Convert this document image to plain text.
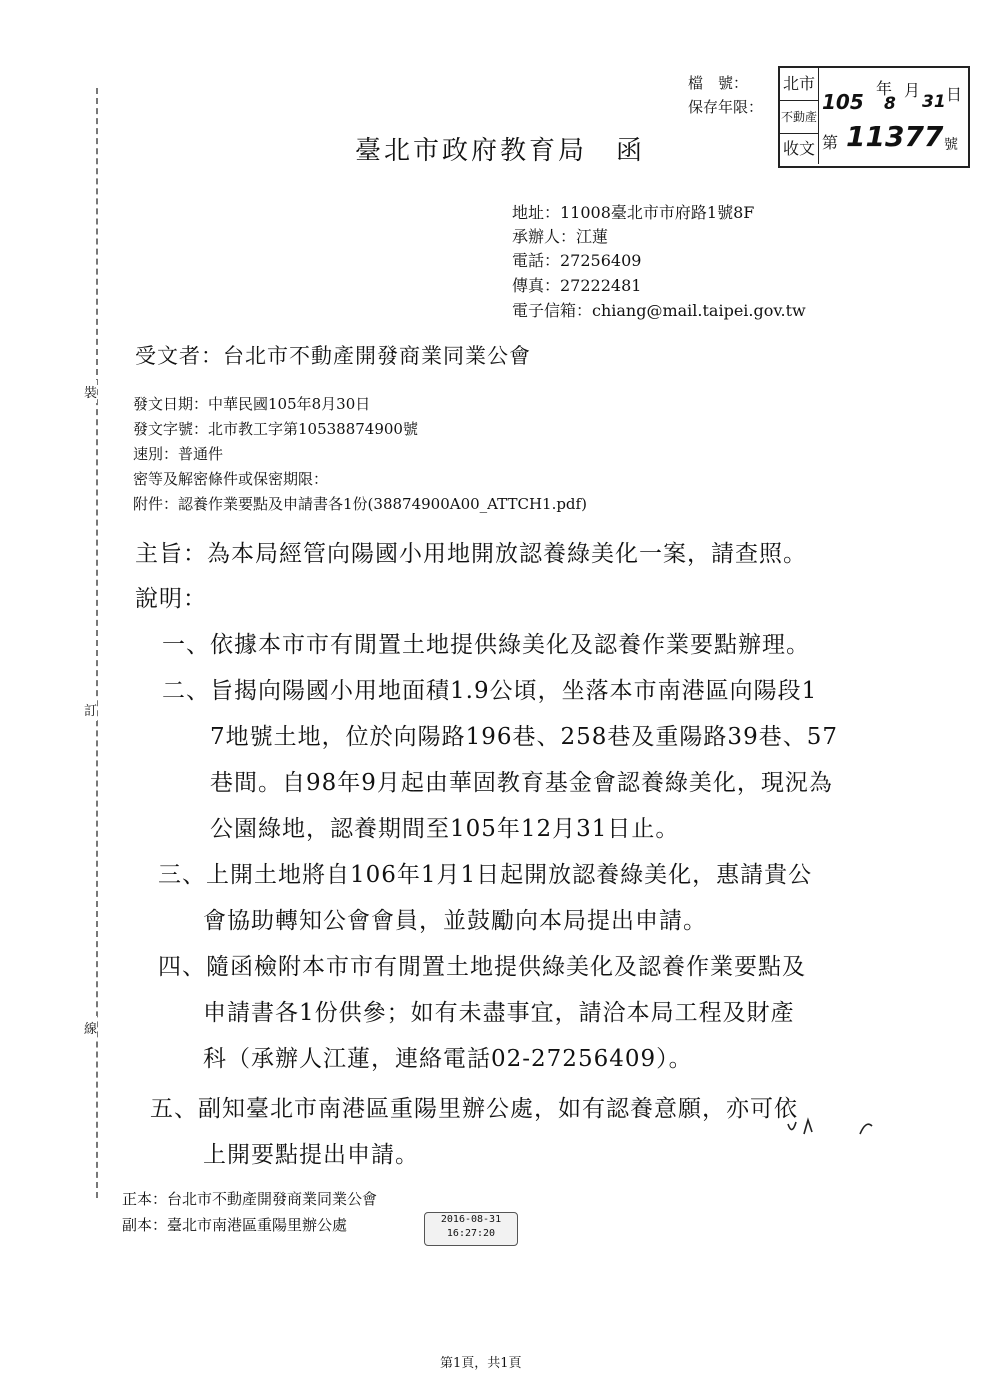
裝
訂
線
檔　號：
保存年限：
臺北市政府教育局　函
北市
不動產
收文
105
年
8
月
31 日
第 11377 號
地址：11008臺北市市府路1號8F
承辦人：江蓮
電話：27256409
傳真：27222481
電子信箱：chiang@mail.taipei.gov.tw
受文者：台北市不動產開發商業同業公會
發文日期：中華民國105年8月30日
發文字號：北市教工字第10538874900號
速別：普通件
密等及解密條件或保密期限：
附件：認養作業要點及申請書各1份(38874900A00_ATTCH1.pdf)
主旨：為本局經管向陽國小用地開放認養綠美化一案，請查照。
說明：
一、依據本市市有閒置土地提供綠美化及認養作業要點辦理。
二、旨揭向陽國小用地面積1.9公頃，坐落本市南港區向陽段1
7地號土地，位於向陽路196巷、258巷及重陽路39巷、57
巷間。自98年9月起由華固教育基金會認養綠美化，現況為
公園綠地，認養期間至105年12月31日止。
三、上開土地將自106年1月1日起開放認養綠美化，惠請貴公
會協助轉知公會會員，並鼓勵向本局提出申請。
四、隨函檢附本市市有閒置土地提供綠美化及認養作業要點及
申請書各1份供參；如有未盡事宜，請洽本局工程及財產
科（承辦人江蓮，連絡電話02-27256409）。
五、副知臺北市南港區重陽里辦公處，如有認養意願，亦可依
上開要點提出申請。
正本：台北市不動產開發商業同業公會
副本：臺北市南港區重陽里辦公處	2016-08-31
16:27:20
第1頁，共1頁
